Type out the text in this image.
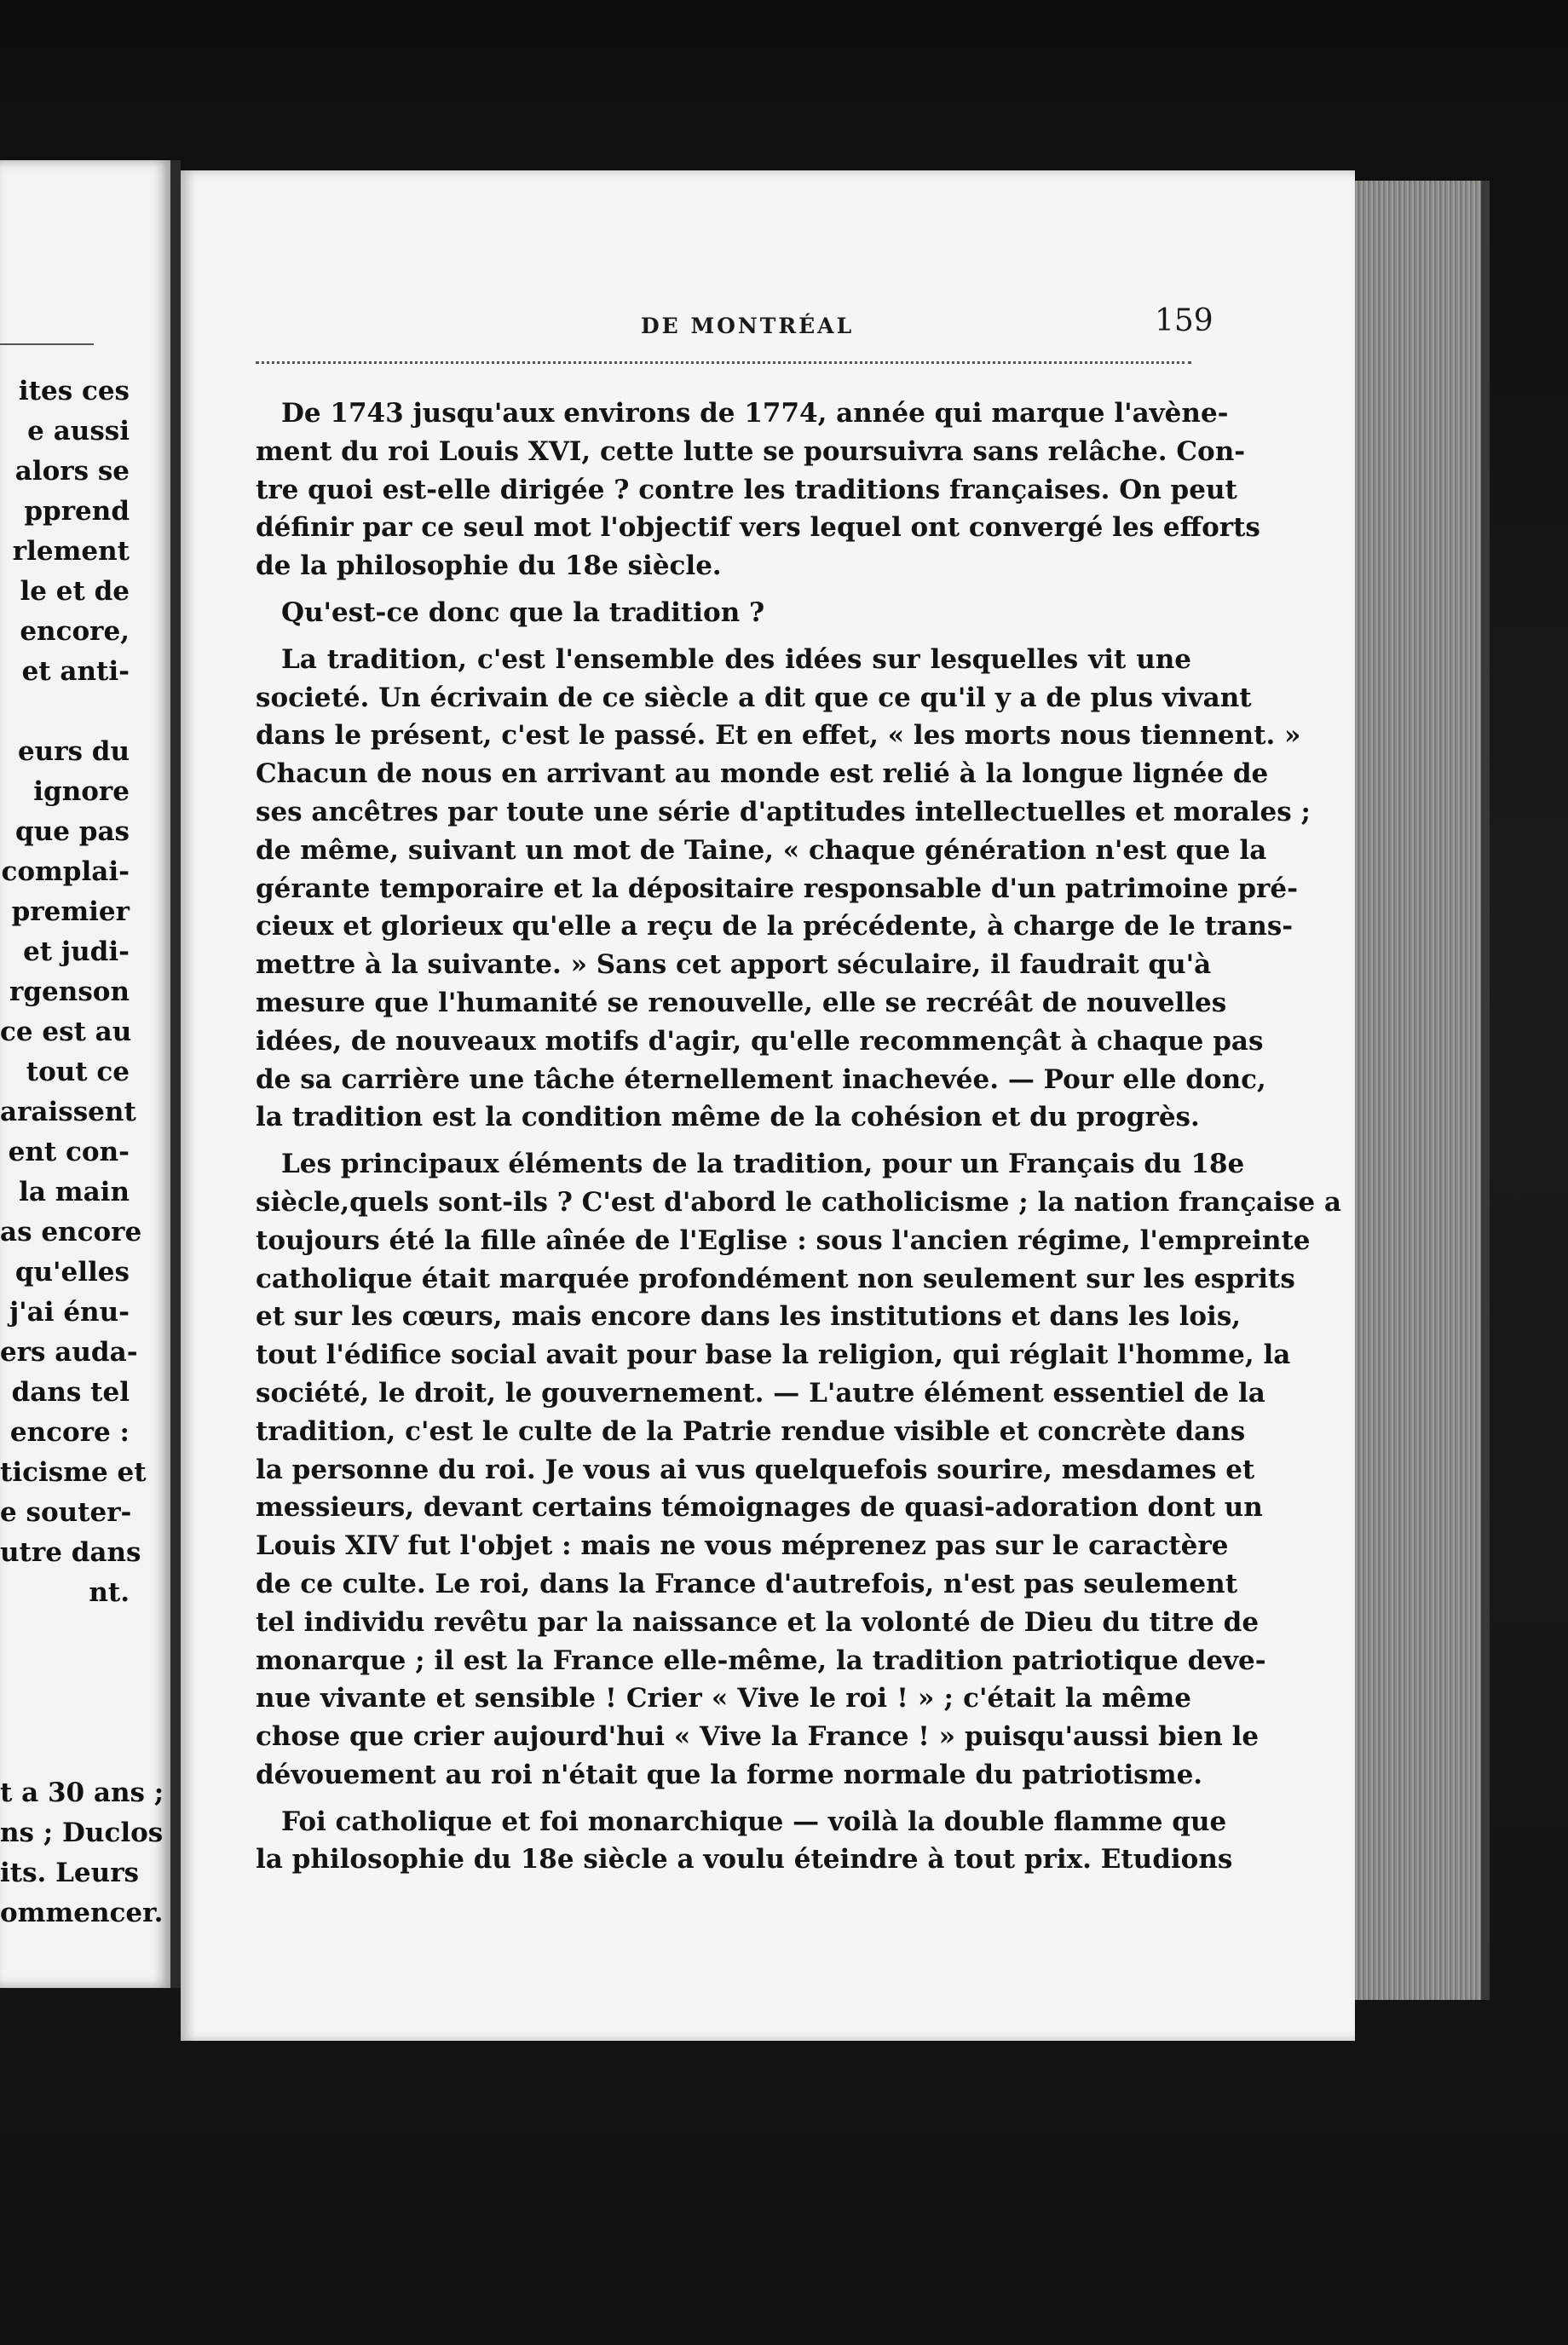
ites ces
e aussi
alors se
pprend
rlement
le et de
encore,
et anti-
eurs du
ignore
que pas
complai-
premier
et judi-
rgenson
ce est au
tout ce
araissent
ent con-
la main
as encore
qu'elles
j'ai énu-
ers auda-
dans tel
encore :
ticisme et
e souter-
utre dans
nt.
t a 30 ans ;
ns ; Duclos
its. Leurs
ommencer.
DE MONTRÉAL	159
De 1743 jusqu'aux environs de 1774, année qui marque l'avène-
ment du roi Louis XVI, cette lutte se poursuivra sans relâche. Con-
tre quoi est-elle dirigée ? contre les traditions françaises. On peut
définir par ce seul mot l'objectif vers lequel ont convergé les efforts
de la philosophie du 18e siècle.
Qu'est-ce donc que la tradition ?
La tradition, c'est l'ensemble des idées sur lesquelles vit une
societé. Un écrivain de ce siècle a dit que ce qu'il y a de plus vivant
dans le présent, c'est le passé. Et en effet, « les morts nous tiennent. »
Chacun de nous en arrivant au monde est relié à la longue lignée de
ses ancêtres par toute une série d'aptitudes intellectuelles et morales ;
de même, suivant un mot de Taine, « chaque génération n'est que la
gérante temporaire et la dépositaire responsable d'un patrimoine pré-
cieux et glorieux qu'elle a reçu de la précédente, à charge de le trans-
mettre à la suivante. » Sans cet apport séculaire, il faudrait qu'à
mesure que l'humanité se renouvelle, elle se recréât de nouvelles
idées, de nouveaux motifs d'agir, qu'elle recommençât à chaque pas
de sa carrière une tâche éternellement inachevée. — Pour elle donc,
la tradition est la condition même de la cohésion et du progrès.
Les principaux éléments de la tradition, pour un Français du 18e
siècle,quels sont-ils ? C'est d'abord le catholicisme ; la nation française a
toujours été la fille aînée de l'Eglise : sous l'ancien régime, l'empreinte
catholique était marquée profondément non seulement sur les esprits
et sur les cœurs, mais encore dans les institutions et dans les lois,
tout l'édifice social avait pour base la religion, qui réglait l'homme, la
société, le droit, le gouvernement. — L'autre élément essentiel de la
tradition, c'est le culte de la Patrie rendue visible et concrète dans
la personne du roi. Je vous ai vus quelquefois sourire, mesdames et
messieurs, devant certains témoignages de quasi-adoration dont un
Louis XIV fut l'objet : mais ne vous méprenez pas sur le caractère
de ce culte. Le roi, dans la France d'autrefois, n'est pas seulement
tel individu revêtu par la naissance et la volonté de Dieu du titre de
monarque ; il est la France elle-même, la tradition patriotique deve-
nue vivante et sensible ! Crier « Vive le roi ! » ; c'était la même
chose que crier aujourd'hui « Vive la France ! » puisqu'aussi bien le
dévouement au roi n'était que la forme normale du patriotisme.
Foi catholique et foi monarchique — voilà la double flamme que
la philosophie du 18e siècle a voulu éteindre à tout prix. Etudions
